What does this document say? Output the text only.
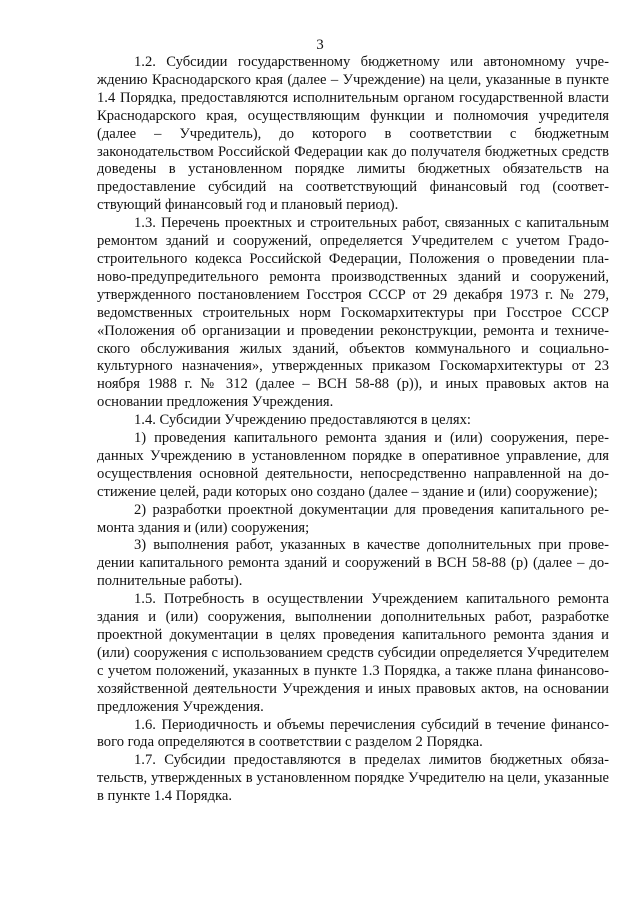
3

1.2. Субсидии государственному бюджетному или автономному учреждению Краснодарского края (далее – Учреждение) на цели, указанные в пункте 1.4 Порядка, предоставляются исполнительным органом государственной власти Краснодарского края, осуществляющим функции и полномочия учредителя (далее – Учредитель), до которого в соответствии с бюджетным законодательством Российской Федерации как до получателя бюджетных средств доведены в установленном порядке лимиты бюджетных обязательств на предоставление субсидий на соответствующий финансовый год (соответствующий финансовый год и плановый период).

1.3. Перечень проектных и строительных работ, связанных с капитальным ремонтом зданий и сооружений, определяется Учредителем с учетом Градостроительного кодекса Российской Федерации, Положения о проведении планово-предупредительного ремонта производственных зданий и сооружений, утвержденного постановлением Госстроя СССР от 29 декабря 1973 г. № 279, ведомственных строительных норм Госкомархитектуры при Госстрое СССР «Положения об организации и проведении реконструкции, ремонта и технического обслуживания жилых зданий, объектов коммунального и социально-культурного назначения», утвержденных приказом Госкомархитектуры от 23 ноября 1988 г. № 312 (далее – ВСН 58-88 (р)), и иных правовых актов на основании предложения Учреждения.

1.4. Субсидии Учреждению предоставляются в целях:

1) проведения капитального ремонта здания и (или) сооружения, переданных Учреждению в установленном порядке в оперативное управление, для осуществления основной деятельности, непосредственно направленной на достижение целей, ради которых оно создано (далее – здание и (или) сооружение);

2) разработки проектной документации для проведения капитального ремонта здания и (или) сооружения;

3) выполнения работ, указанных в качестве дополнительных при проведении капитального ремонта зданий и сооружений в ВСН 58-88 (р) (далее – дополнительные работы).

1.5. Потребность в осуществлении Учреждением капитального ремонта здания и (или) сооружения, выполнении дополнительных работ, разработке проектной документации в целях проведения капитального ремонта здания и (или) сооружения с использованием средств субсидии определяется Учредителем с учетом положений, указанных в пункте 1.3 Порядка, а также плана финансово-хозяйственной деятельности Учреждения и иных правовых актов, на основании предложения Учреждения.

1.6. Периодичность и объемы перечисления субсидий в течение финансового года определяются в соответствии с разделом 2 Порядка.

1.7. Субсидии предоставляются в пределах лимитов бюджетных обязательств, утвержденных в установленном порядке Учредителю на цели, указанные в пункте 1.4 Порядка.
